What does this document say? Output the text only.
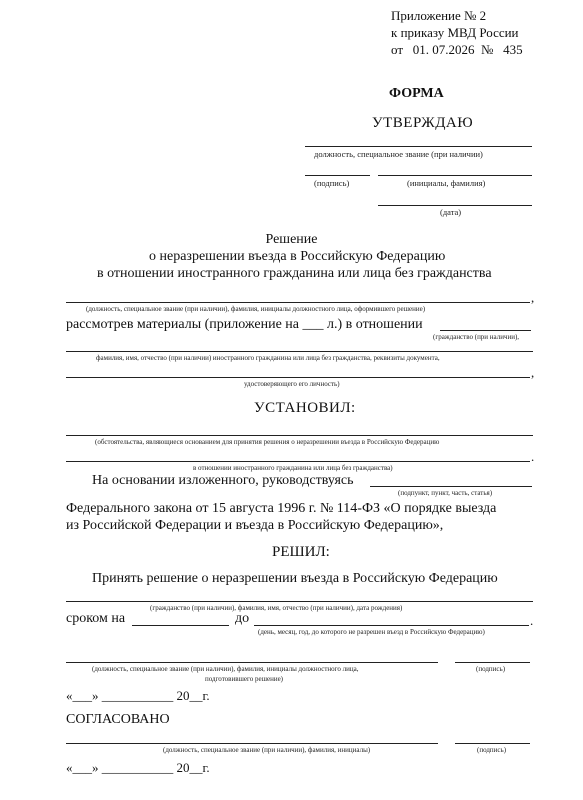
Приложение № 2
к приказу МВД России
от 01. 07.2026 № 435
ФОРМА
УТВЕРЖДАЮ
должность, специальное звание (при наличии)
(подпись)	(инициалы, фамилия)
(дата)
Решение
о неразрешении въезда в Российскую Федерацию
в отношении иностранного гражданина или лица без гражданства
,
(должность, специальное звание (при наличии), фамилия, инициалы должностного лица, оформившего решение)
рассмотрев материалы (приложение на ___ л.) в отношении
(гражданство (при наличии),
фамилия, имя, отчество (при наличии) иностранного гражданина или лица без гражданства, реквизиты документа,
,
удостоверяющего его личность)
УСТАНОВИЛ:
(обстоятельства, являющиеся основанием для принятия решения о неразрешении въезда в Российскую Федерацию
.
в отношении иностранного гражданина или лица без гражданства)
На основании изложенного, руководствуясь
(подпункт, пункт, часть, статья)
Федерального закона от 15 августа 1996 г. № 114-ФЗ «О порядке выезда
из Российской Федерации и въезда в Российскую Федерацию»,
РЕШИЛ:
Принять решение о неразрешении въезда в Российскую Федерацию
(гражданство (при наличии), фамилия, имя, отчество (при наличии), дата рождения)
сроком на	до	.
(день, месяц, год, до которого не разрешен въезд в Российскую Федерацию)
(должность, специальное звание (при наличии), фамилия, инициалы должностного лица,	(подпись)
подготовившего решение)
«___» ___________ 20__г.
СОГЛАСОВАНО
(должность, специальное звание (при наличии), фамилия, инициалы)	(подпись)
«___» ___________ 20__г.
